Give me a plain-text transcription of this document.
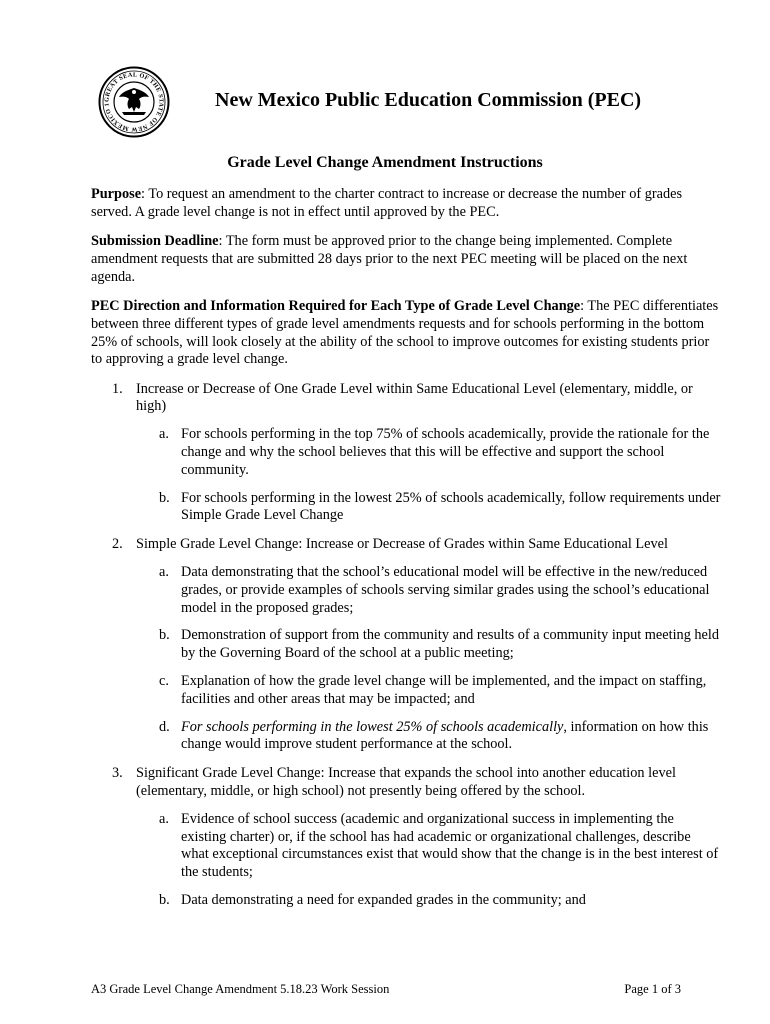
GREAT SEAL OF THE STATE OF NEW MEXICO 1	New Mexico Public Education Commission (PEC)
Grade Level Change Amendment Instructions

Purpose: To request an amendment to the charter contract to increase or decrease the number of grades served. A grade level change is not in effect until approved by the PEC.

Submission Deadline: The form must be approved prior to the change being implemented. Complete amendment requests that are submitted 28 days prior to the next PEC meeting will be placed on the next agenda.

PEC Direction and Information Required for Each Type of Grade Level Change: The PEC differentiates between three different types of grade level amendments requests and for schools performing in the bottom 25% of schools, will look closely at the ability of the school to improve outcomes for existing students prior to approving a grade level change.

1. Increase or Decrease of One Grade Level within Same Educational Level (elementary, middle, or high)
a. For schools performing in the top 75% of schools academically, provide the rationale for the change and why the school believes that this will be effective and support the school community.
b. For schools performing in the lowest 25% of schools academically, follow requirements under Simple Grade Level Change
2. Simple Grade Level Change: Increase or Decrease of Grades within Same Educational Level
a. Data demonstrating that the school’s educational model will be effective in the new/reduced grades, or provide examples of schools serving similar grades using the school’s educational model in the proposed grades;
b. Demonstration of support from the community and results of a community input meeting held by the Governing Board of the school at a public meeting;
c. Explanation of how the grade level change will be implemented, and the impact on staffing, facilities and other areas that may be impacted; and
d. For schools performing in the lowest 25% of schools academically, information on how this change would improve student performance at the school.
3. Significant Grade Level Change: Increase that expands the school into another education level (elementary, middle, or high school) not presently being offered by the school.
a. Evidence of school success (academic and organizational success in implementing the existing charter) or, if the school has had academic or organizational challenges, describe what exceptional circumstances exist that would show that the change is in the best interest of the students;
b. Data demonstrating a need for expanded grades in the community; and
A3 Grade Level Change Amendment 5.18.23 Work Session	Page 1 of 3
